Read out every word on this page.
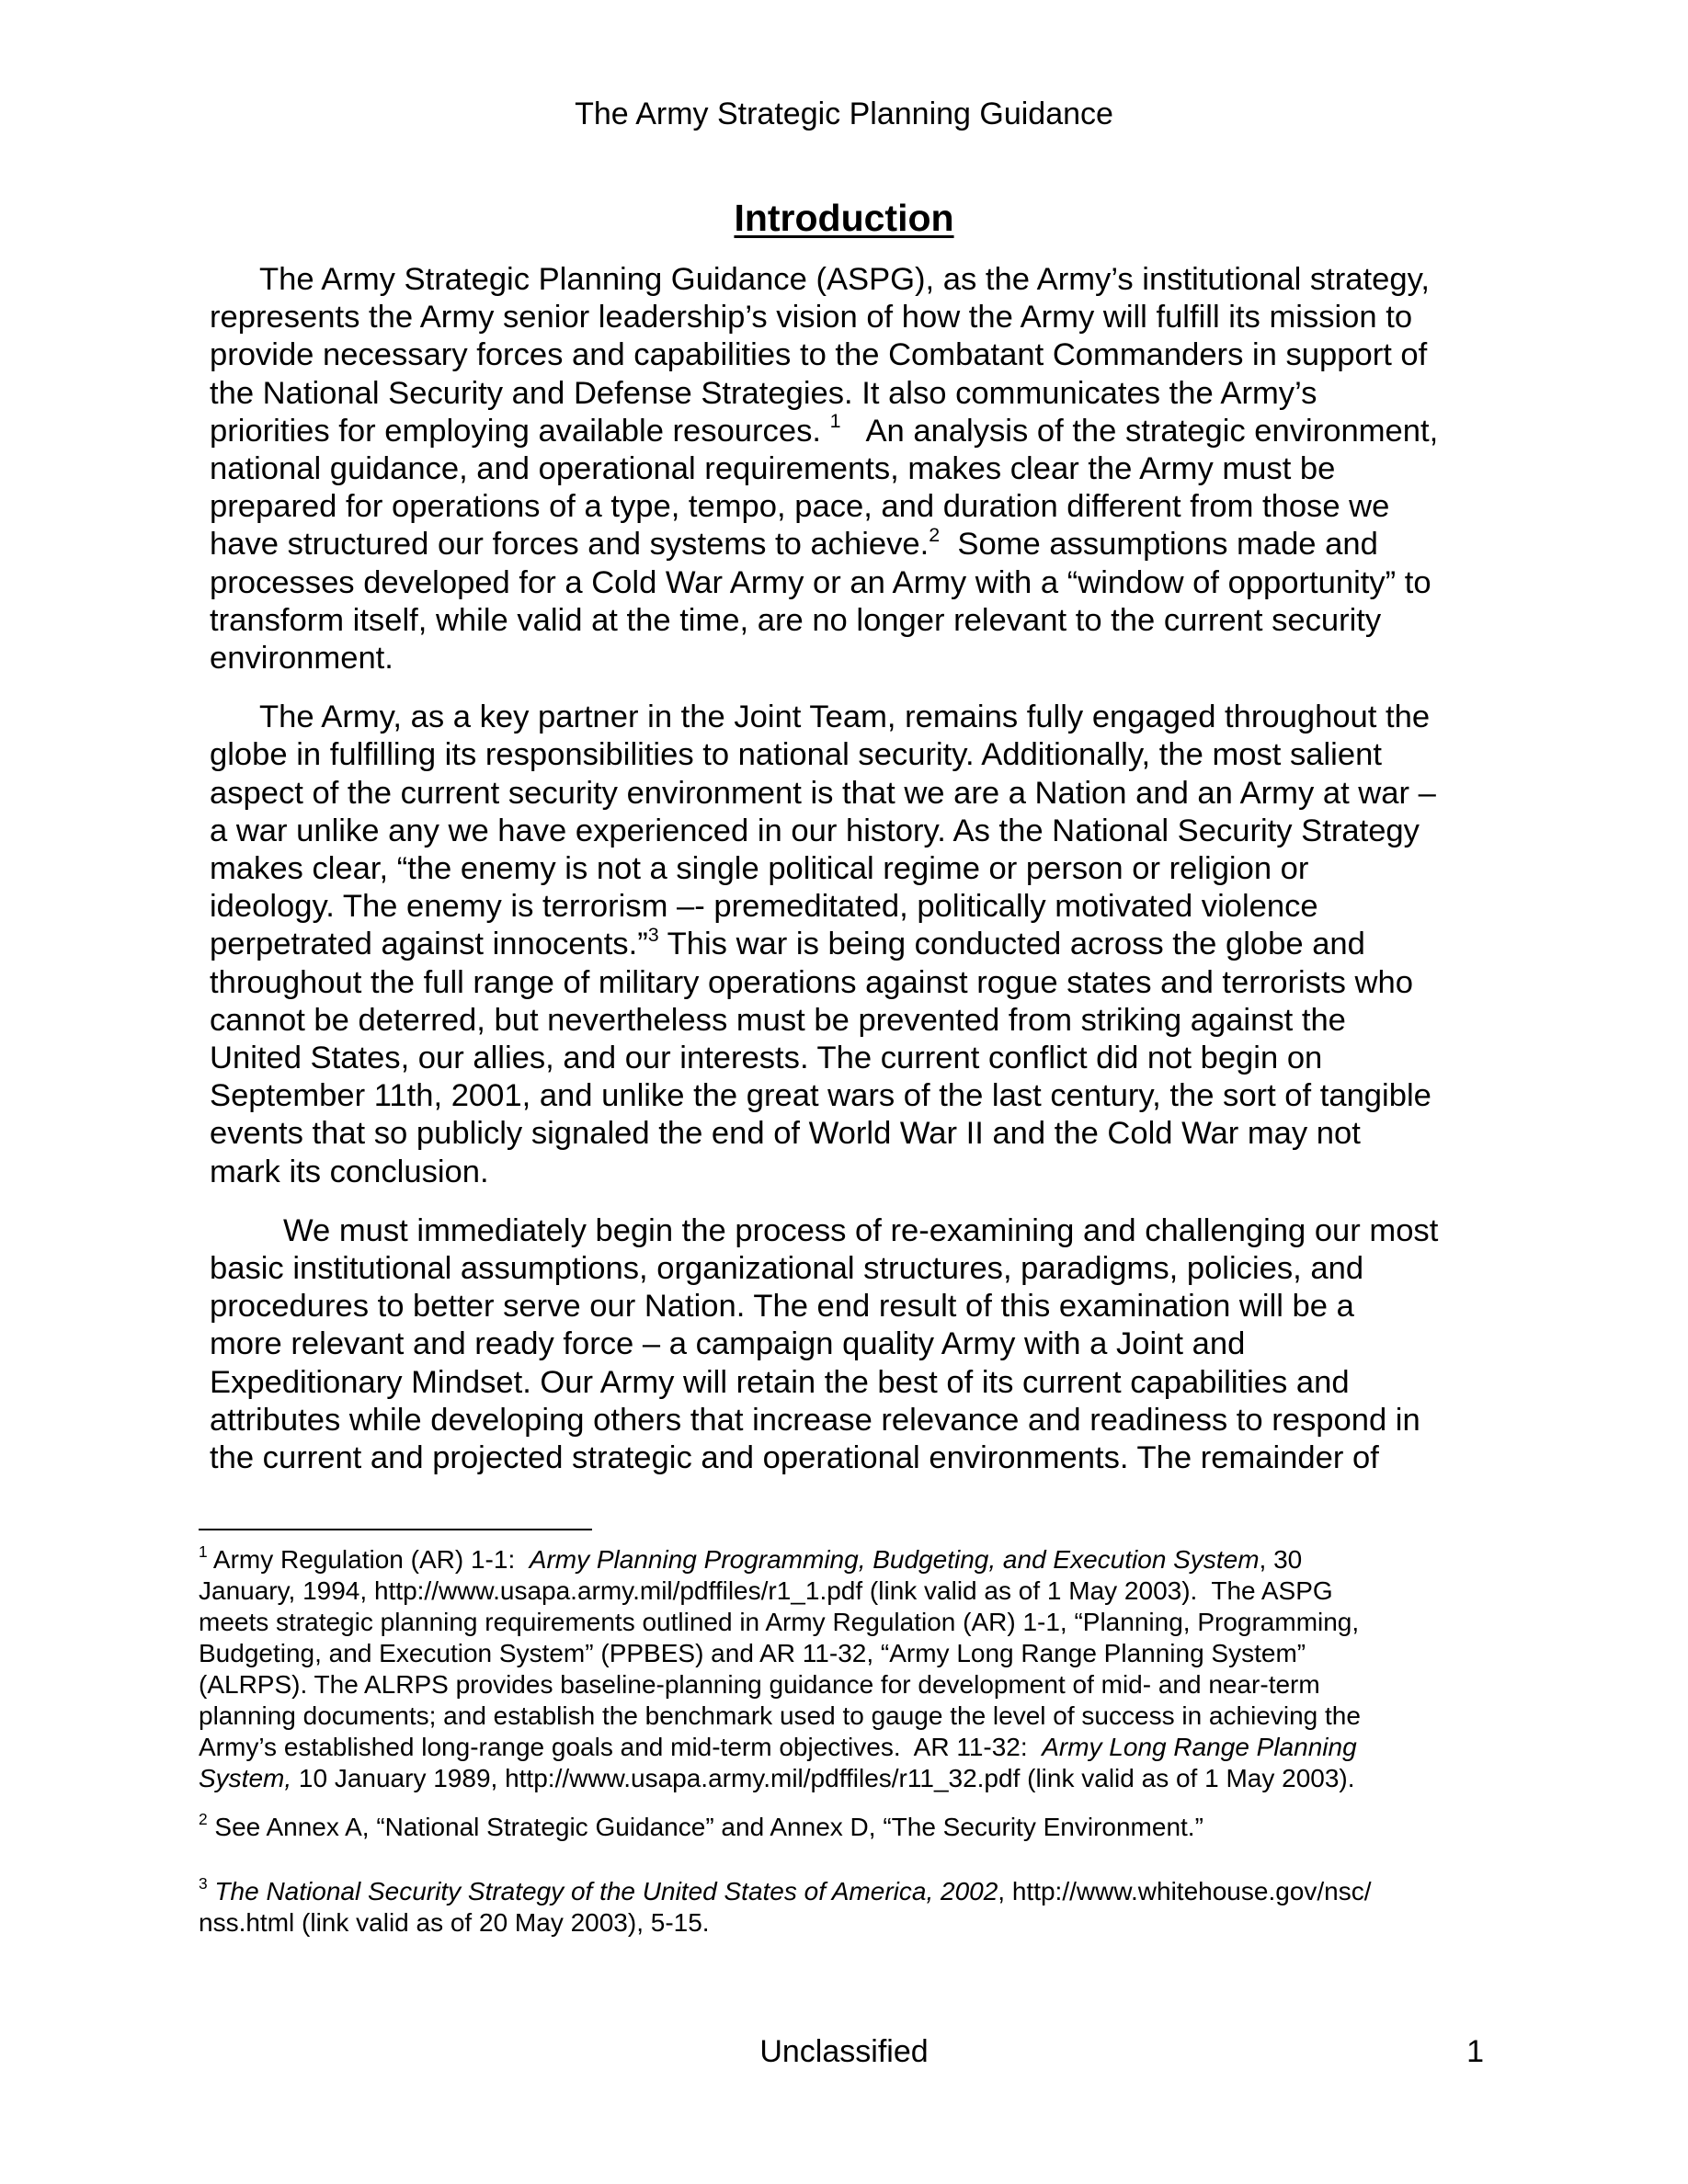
The Army Strategic Planning Guidance
Introduction

The Army Strategic Planning Guidance (ASPG), as the Army’s institutional strategy,
represents the Army senior leadership’s vision of how the Army will fulfill its mission to
provide necessary forces and capabilities to the Combatant Commanders in support of
the National Security and Defense Strategies. It also communicates the Army’s
priorities for employing available resources. $^1$   An analysis of the strategic environment,
national guidance, and operational requirements, makes clear the Army must be
prepared for operations of a type, tempo, pace, and duration different from those we
have structured our forces and systems to achieve.$^2$  Some assumptions made and
processes developed for a Cold War Army or an Army with a “window of opportunity” to
transform itself, while valid at the time, are no longer relevant to the current security
environment.

The Army, as a key partner in the Joint Team, remains fully engaged throughout the
globe in fulfilling its responsibilities to national security. Additionally, the most salient
aspect of the current security environment is that we are a Nation and an Army at war –
a war unlike any we have experienced in our history. As the National Security Strategy
makes clear, “the enemy is not a single political regime or person or religion or
ideology. The enemy is terrorism –- premeditated, politically motivated violence
perpetrated against innocents.”$^3$ This war is being conducted across the globe and
throughout the full range of military operations against rogue states and terrorists who
cannot be deterred, but nevertheless must be prevented from striking against the
United States, our allies, and our interests. The current conflict did not begin on
September 11th, 2001, and unlike the great wars of the last century, the sort of tangible
events that so publicly signaled the end of World War II and the Cold War may not
mark its conclusion.

We must immediately begin the process of re-examining and challenging our most
basic institutional assumptions, organizational structures, paradigms, policies, and
procedures to better serve our Nation. The end result of this examination will be a
more relevant and ready force – a campaign quality Army with a Joint and
Expeditionary Mindset. Our Army will retain the best of its current capabilities and
attributes while developing others that increase relevance and readiness to respond in
the current and projected strategic and operational environments. The remainder of

$^1$ Army Regulation (AR) 1-1:  Army Planning Programming, Budgeting, and Execution System, 30
January, 1994, http://www.usapa.army.mil/pdffiles/r1_1.pdf (link valid as of 1 May 2003).  The ASPG
meets strategic planning requirements outlined in Army Regulation (AR) 1-1, “Planning, Programming,
Budgeting, and Execution System” (PPBES) and AR 11-32, “Army Long Range Planning System”
(ALRPS). The ALRPS provides baseline-planning guidance for development of mid- and near-term
planning documents; and establish the benchmark used to gauge the level of success in achieving the
Army’s established long-range goals and mid-term objectives.  AR 11-32:  Army Long Range Planning
System, 10 January 1989, http://www.usapa.army.mil/pdffiles/r11_32.pdf (link valid as of 1 May 2003).
$^2$ See Annex A, “National Strategic Guidance” and Annex D, “The Security Environment.”
$^3$ The National Security Strategy of the United States of America, 2002, http://www.whitehouse.gov/nsc/
nss.html (link valid as of 20 May 2003), 5-15.
Unclassified	1
